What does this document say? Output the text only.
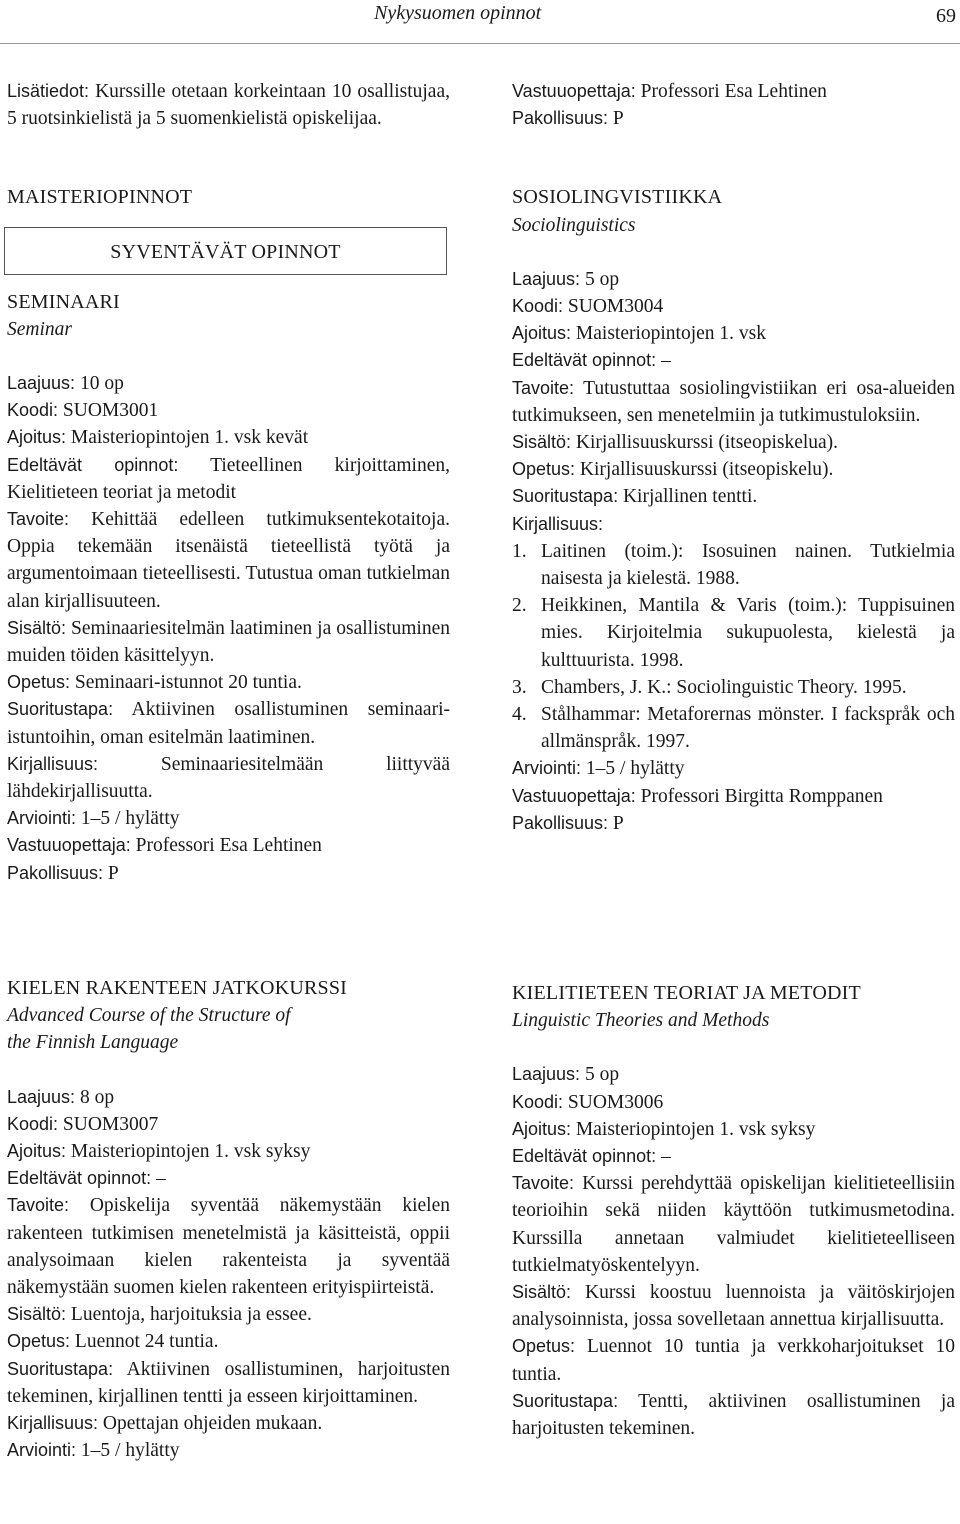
Nykysuomen opinnot	69

Lisätiedot: Kurssille otetaan korkeintaan 10 osallistujaa, 5 ruotsinkielistä ja 5 suomenkielistä opiskelijaa.

MAISTERIOPINNOT

SYVENTÄVÄT OPINNOT

SEMINAARI

Seminar

Laajuus: 10 op

Koodi: SUOM3001

Ajoitus: Maisteriopintojen 1. vsk kevät

Edeltävät opinnot: Tieteellinen kirjoittaminen, Kielitieteen teoriat ja metodit

Tavoite: Kehittää edelleen tutkimuksentekotaitoja. Oppia tekemään itsenäistä tieteellistä työtä ja argumentoimaan tieteellisesti. Tutustua oman tutkielman alan kirjallisuuteen.

Sisältö: Seminaariesitelmän laatiminen ja osallistuminen muiden töiden käsittelyyn.

Opetus: Seminaari-istunnot 20 tuntia.

Suoritustapa: Aktiivinen osallistuminen seminaari-istuntoihin, oman esitelmän laatiminen.

Kirjallisuus:	Seminaariesitelmään liittyvää lähdekirjallisuutta.

Arviointi: 1–5 / hylätty

Vastuuopettaja: Professori Esa Lehtinen

Pakollisuus: P

KIELEN RAKENTEEN JATKOKURSSI

Advanced Course of the Structure of

the Finnish Language

Laajuus: 8 op

Koodi: SUOM3007

Ajoitus: Maisteriopintojen 1. vsk syksy

Edeltävät opinnot: –

Tavoite: Opiskelija syventää näkemystään kielen rakenteen tutkimisen menetelmistä ja käsitteistä, oppii analysoimaan kielen rakenteista ja syventää näkemystään suomen kielen rakenteen erityispiirteistä.

Sisältö: Luentoja, harjoituksia ja essee.

Opetus: Luennot 24 tuntia.

Suoritustapa: Aktiivinen osallistuminen, harjoitusten tekeminen, kirjallinen tentti ja esseen kirjoittaminen.

Kirjallisuus: Opettajan ohjeiden mukaan.

Arviointi: 1–5 / hylätty

Vastuuopettaja: Professori Esa Lehtinen

Pakollisuus: P

SOSIOLINGVISTIIKKA

Sociolinguistics

Laajuus: 5 op

Koodi: SUOM3004

Ajoitus: Maisteriopintojen 1. vsk

Edeltävät opinnot: –

Tavoite: Tutustuttaa sosiolingvistiikan eri osa-alueiden tutkimukseen, sen menetelmiin ja tutkimustuloksiin.

Sisältö: Kirjallisuuskurssi (itseopiskelua).

Opetus: Kirjallisuuskurssi (itseopiskelu).

Suoritustapa: Kirjallinen tentti.

Kirjallisuus:

1. Laitinen (toim.): Isosuinen nainen. Tutkielmia naisesta ja kielestä. 1988.
2. Heikkinen, Mantila & Varis (toim.): Tuppisuinen mies. Kirjoitelmia sukupuolesta, kielestä ja kulttuurista. 1998.
3. Chambers, J. K.: Sociolinguistic Theory. 1995.
4. Stålhammar: Metaforernas mönster. I fackspråk och allmänspråk. 1997.

Arviointi: 1–5 / hylätty

Vastuuopettaja: Professori Birgitta Romppanen

Pakollisuus: P

KIELITIETEEN TEORIAT JA METODIT

Linguistic Theories and Methods

Laajuus: 5 op

Koodi: SUOM3006

Ajoitus: Maisteriopintojen 1. vsk syksy

Edeltävät opinnot: –

Tavoite: Kurssi perehdyttää opiskelijan kielitieteellisiin teorioihin sekä niiden käyttöön tutkimusmetodina. Kurssilla annetaan valmiudet kielitieteelliseen tutkielmatyöskentelyyn.

Sisältö: Kurssi koostuu luennoista ja väitöskirjojen analysoinnista, jossa sovelletaan annettua kirjallisuutta.

Opetus: Luennot 10 tuntia ja verkkoharjoitukset 10 tuntia.

Suoritustapa: Tentti, aktiivinen osallistuminen ja harjoitusten tekeminen.
